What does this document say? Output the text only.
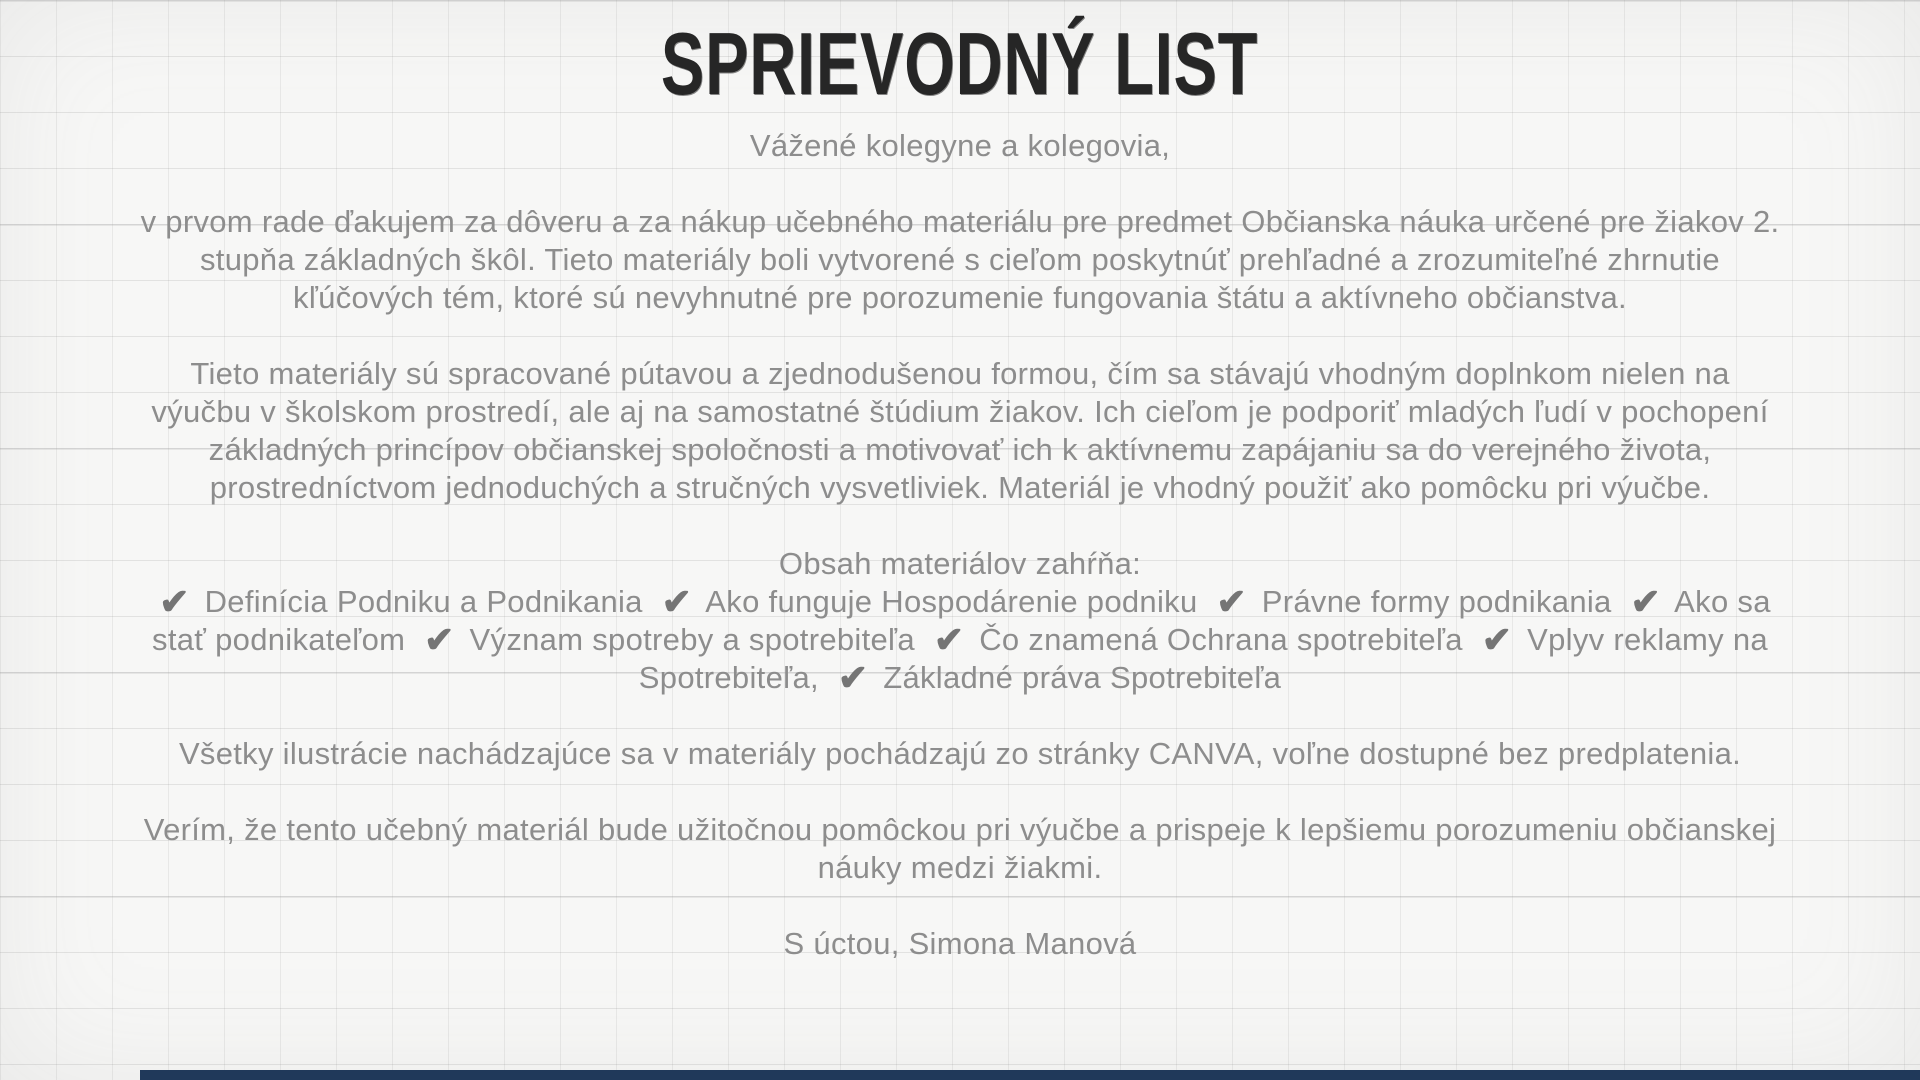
SPRIEVODNÝ LIST

Vážené kolegyne a kolegovia,

v prvom rade ďakujem za dôveru a za nákup učebného materiálu pre predmet Občianska náuka určené pre žiakov 2. stupňa základných škôl. Tieto materiály boli vytvorené s cieľom poskytnúť prehľadné a zrozumiteľné zhrnutie kľúčových tém, ktoré sú nevyhnutné pre porozumenie fungovania štátu a aktívneho občianstva.

Tieto materiály sú spracované pútavou a zjednodušenou formou, čím sa stávajú vhodným doplnkom nielen na výučbu v školskom prostredí, ale aj na samostatné štúdium žiakov. Ich cieľom je podporiť mladých ľudí v pochopení základných princípov občianskej spoločnosti a motivovať ich k aktívnemu zapájaniu sa do verejného života, prostredníctvom jednoduchých a stručných vysvetliviek. Materiál je vhodný použiť ako pomôcku pri výučbe.

Obsah materiálov zahŕňa:

✔ Definícia Podniku a Podnikania ✔ Ako funguje Hospodárenie podniku ✔ Právne formy podnikania ✔ Ako sa stať podnikateľom ✔ Význam spotreby a spotrebiteľa ✔ Čo znamená Ochrana spotrebiteľa ✔ Vplyv reklamy na Spotrebiteľa, ✔ Základné práva Spotrebiteľa

Všetky ilustrácie nachádzajúce sa v materiály pochádzajú zo stránky CANVA, voľne dostupné bez predplatenia.

Verím, že tento učebný materiál bude užitočnou pomôckou pri výučbe a prispeje k lepšiemu porozumeniu občianskej náuky medzi žiakmi.

S úctou, Simona Manová
